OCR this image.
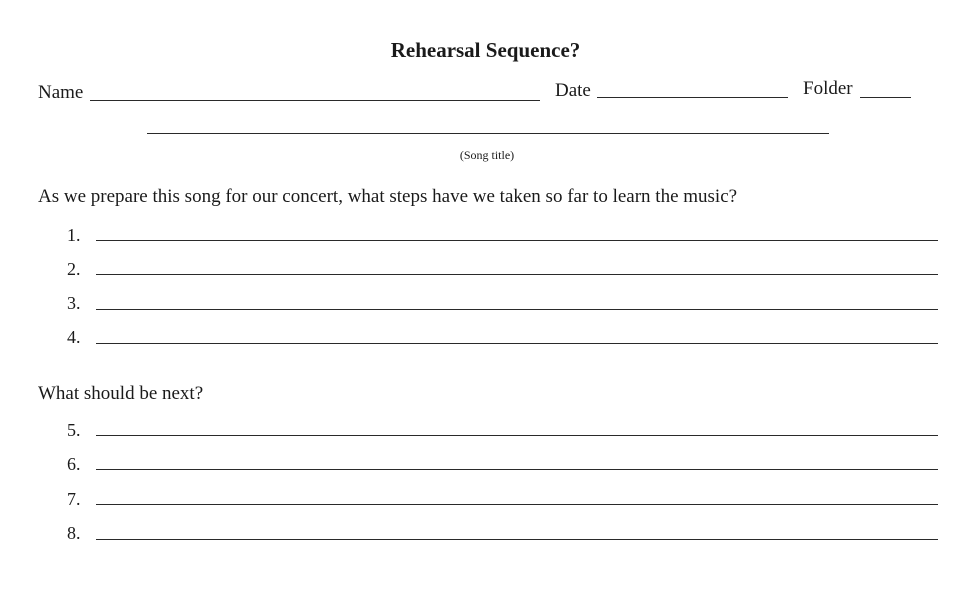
Rehearsal Sequence?
Name	Date	Folder
(Song title)
As we prepare this song for our concert, what steps have we taken so far to learn the music?
1.
2.
3.
4.
What should be next?
5.
6.
7.
8.
